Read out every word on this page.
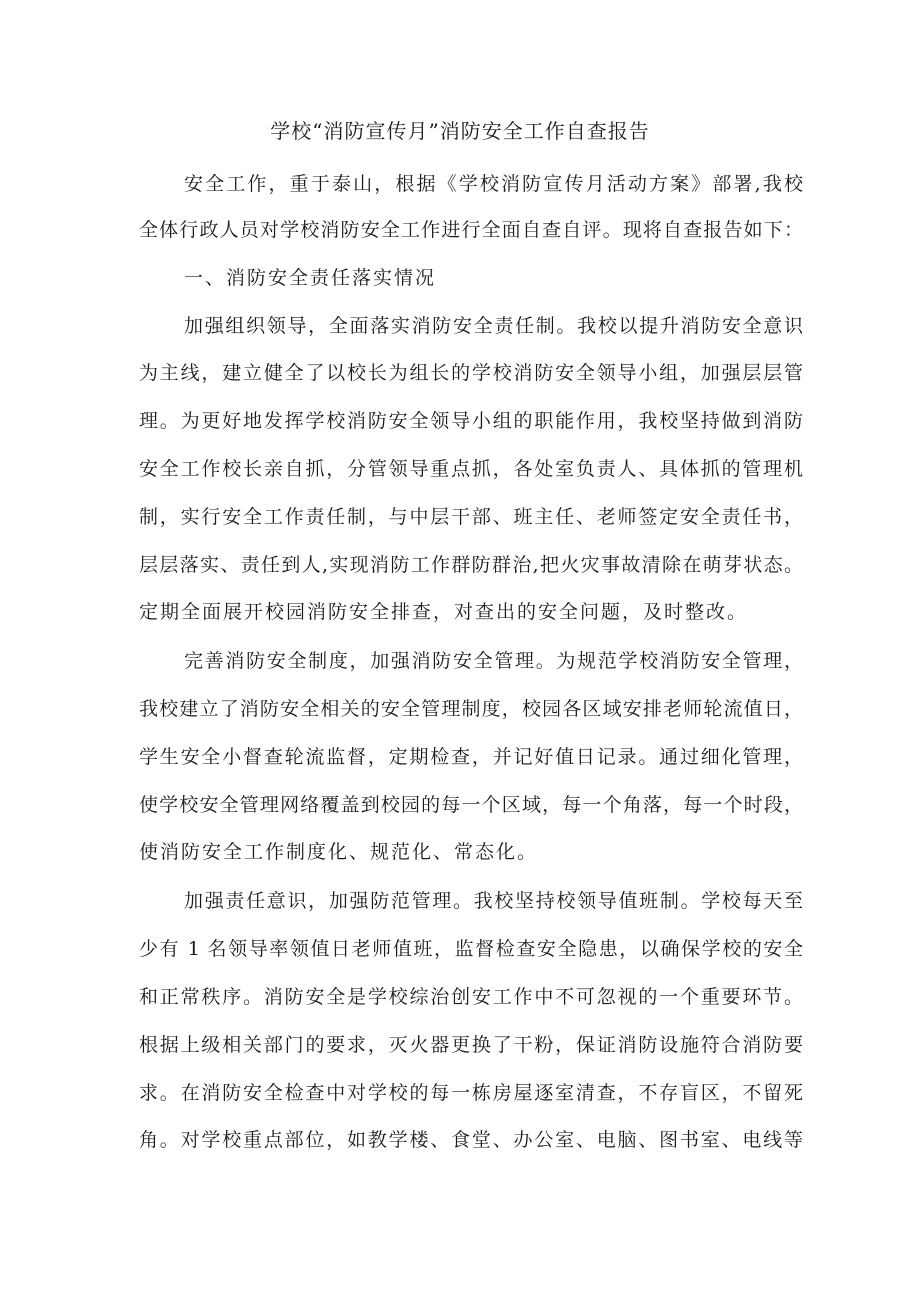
学校“消防宣传月”消防安全工作自查报告
安全工作，重于泰山，根据《学校消防宣传月活动方案》部署,我校
全体行政人员对学校消防安全工作进行全面自查自评。现将自查报告如下：
一、消防安全责任落实情况
加强组织领导，全面落实消防安全责任制。我校以提升消防安全意识
为主线，建立健全了以校长为组长的学校消防安全领导小组，加强层层管
理。为更好地发挥学校消防安全领导小组的职能作用，我校坚持做到消防
安全工作校长亲自抓，分管领导重点抓，各处室负责人、具体抓的管理机
制，实行安全工作责任制，与中层干部、班主任、老师签定安全责任书，
层层落实、责任到人,实现消防工作群防群治,把火灾事故清除在萌芽状态。
定期全面展开校园消防安全排查，对查出的安全问题，及时整改。
完善消防安全制度，加强消防安全管理。为规范学校消防安全管理，
我校建立了消防安全相关的安全管理制度，校园各区域安排老师轮流值日，
学生安全小督查轮流监督，定期检查，并记好值日记录。通过细化管理，
使学校安全管理网络覆盖到校园的每一个区域，每一个角落，每一个时段，
使消防安全工作制度化、规范化、常态化。
加强责任意识，加强防范管理。我校坚持校领导值班制。学校每天至
少有 1 名领导率领值日老师值班，监督检查安全隐患，以确保学校的安全
和正常秩序。消防安全是学校综治创安工作中不可忽视的一个重要环节。
根据上级相关部门的要求，灭火器更换了干粉，保证消防设施符合消防要
求。在消防安全检查中对学校的每一栋房屋逐室清查，不存盲区，不留死
角。对学校重点部位，如教学楼、食堂、办公室、电脑、图书室、电线等
